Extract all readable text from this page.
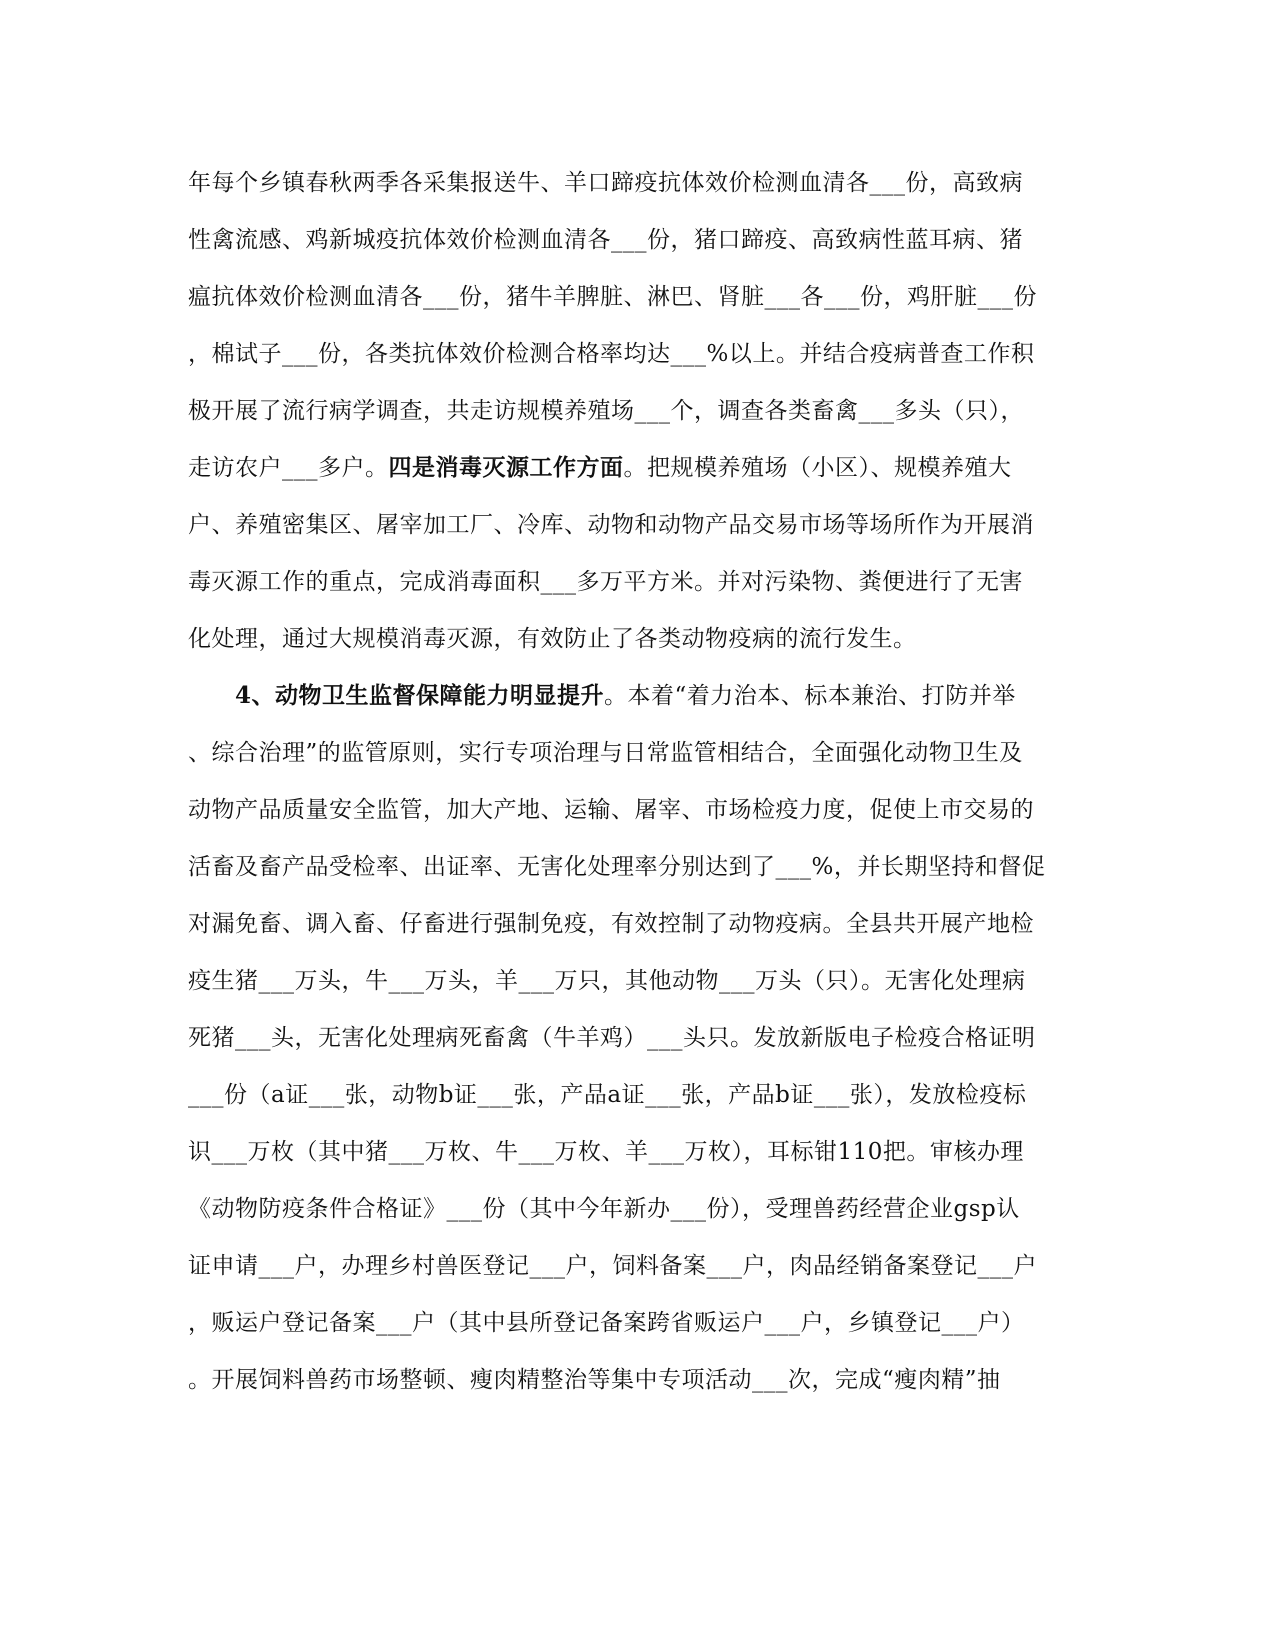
年每个乡镇春秋两季各采集报送牛、羊口蹄疫抗体效价检测血清各___份，高致病
性禽流感、鸡新城疫抗体效价检测血清各___份，猪口蹄疫、高致病性蓝耳病、猪
瘟抗体效价检测血清各___份，猪牛羊脾脏、淋巴、肾脏___各___份，鸡肝脏___份
，棉试子___份，各类抗体效价检测合格率均达___%以上。并结合疫病普查工作积
极开展了流行病学调查，共走访规模养殖场___个，调查各类畜禽___多头（只），
走访农户___多户。四是消毒灭源工作方面。把规模养殖场（小区）、规模养殖大
户、养殖密集区、屠宰加工厂、冷库、动物和动物产品交易市场等场所作为开展消
毒灭源工作的重点，完成消毒面积___多万平方米。并对污染物、粪便进行了无害
化处理，通过大规模消毒灭源，有效防止了各类动物疫病的流行发生。
4、动物卫生监督保障能力明显提升。本着“着力治本、标本兼治、打防并举
、综合治理”的监管原则，实行专项治理与日常监管相结合，全面强化动物卫生及
动物产品质量安全监管，加大产地、运输、屠宰、市场检疫力度，促使上市交易的
活畜及畜产品受检率、出证率、无害化处理率分别达到了___%，并长期坚持和督促
对漏免畜、调入畜、仔畜进行强制免疫，有效控制了动物疫病。全县共开展产地检
疫生猪___万头，牛___万头，羊___万只，其他动物___万头（只）。无害化处理病
死猪___头，无害化处理病死畜禽（牛羊鸡）___头只。发放新版电子检疫合格证明
___份（a证___张，动物b证___张，产品a证___张，产品b证___张），发放检疫标
识___万枚（其中猪___万枚、牛___万枚、羊___万枚），耳标钳110把。审核办理
《动物防疫条件合格证》___份（其中今年新办___份），受理兽药经营企业gsp认
证申请___户，办理乡村兽医登记___户，饲料备案___户，肉品经销备案登记___户
，贩运户登记备案___户（其中县所登记备案跨省贩运户___户，乡镇登记___户）
。开展饲料兽药市场整顿、瘦肉精整治等集中专项活动___次，完成“瘦肉精”抽
